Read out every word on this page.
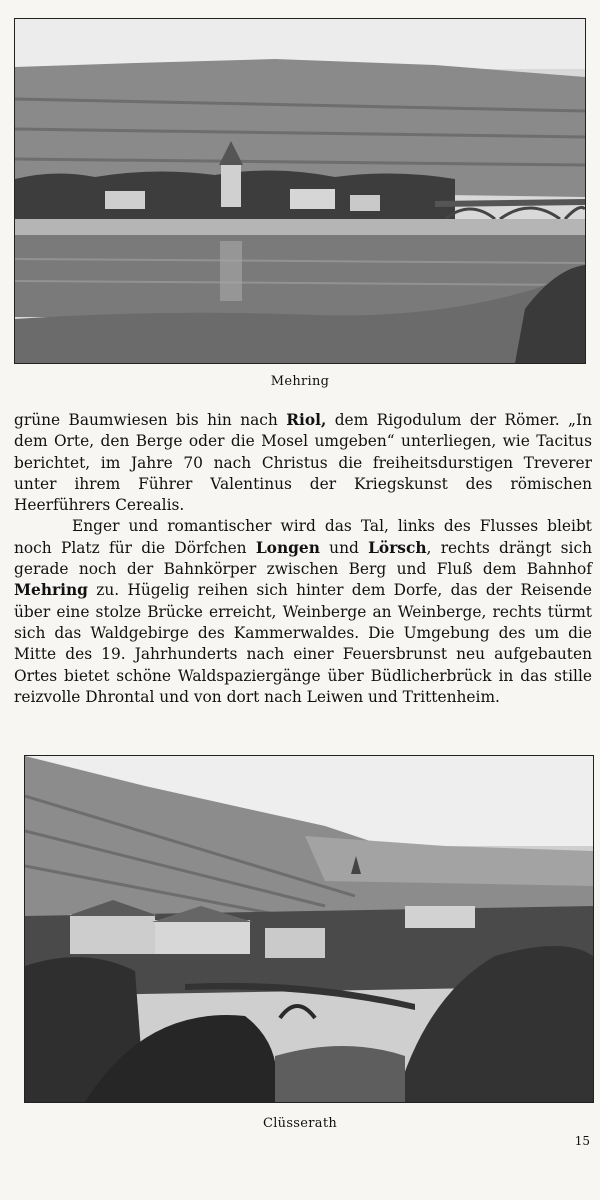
Mehring

grüne Baumwiesen bis hin nach Riol, dem Rigodulum der Römer. „In dem Orte, den Berge oder die Mosel umgeben“ unterliegen, wie Tacitus berichtet, im Jahre 70 nach Christus die freiheitsdurstigen Treverer unter ihrem Führer Valentinus der Kriegskunst des römischen Heerführers Cerealis.

Enger und romantischer wird das Tal, links des Flusses bleibt noch Platz für die Dörfchen Longen und Lörsch, rechts drängt sich gerade noch der Bahnkörper zwischen Berg und Fluß dem Bahnhof Mehring zu. Hügelig reihen sich hinter dem Dorfe, das der Reisende über eine stolze Brücke erreicht, Weinberge an Weinberge, rechts türmt sich das Waldgebirge des Kammerwaldes. Die Umgebung des um die Mitte des 19. Jahrhunderts nach einer Feuersbrunst neu aufgebauten Ortes bietet schöne Waldspaziergänge über Büdlicherbrück in das stille reizvolle Dhrontal und von dort nach Leiwen und Trittenheim.

Clüsserath
15
